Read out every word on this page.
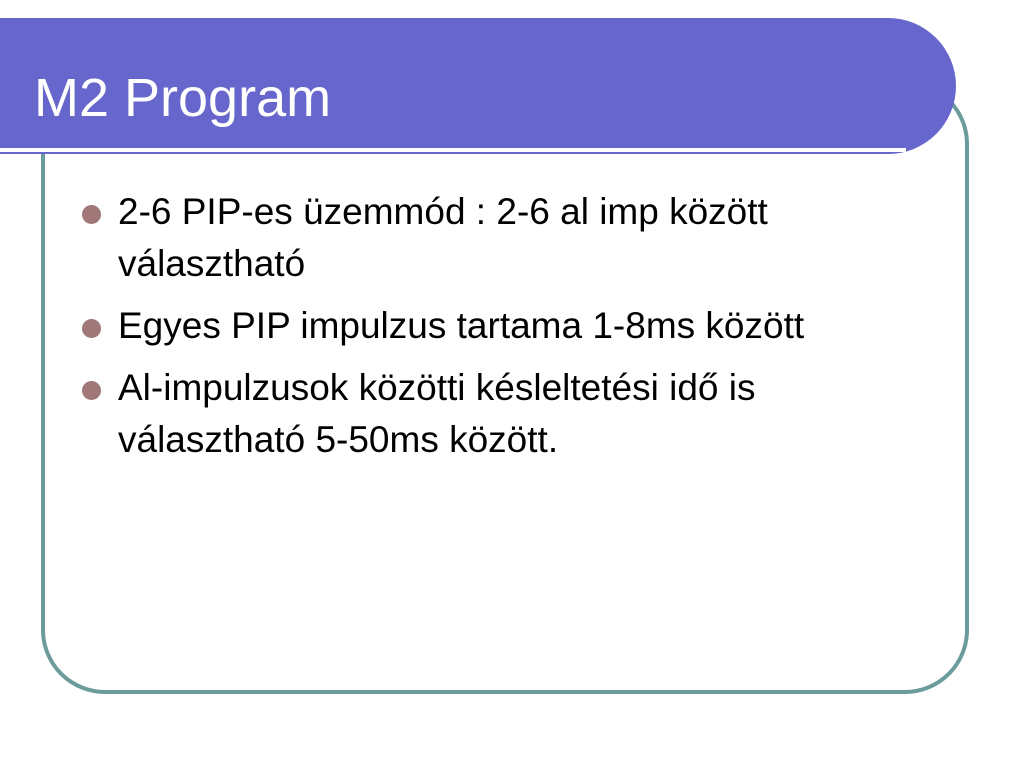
M2 Program
2-6 PIP-es üzemmód : 2-6 al imp között választható
Egyes PIP impulzus tartama 1-8ms között
Al-impulzusok közötti késleltetési idő is választható 5-50ms között.
